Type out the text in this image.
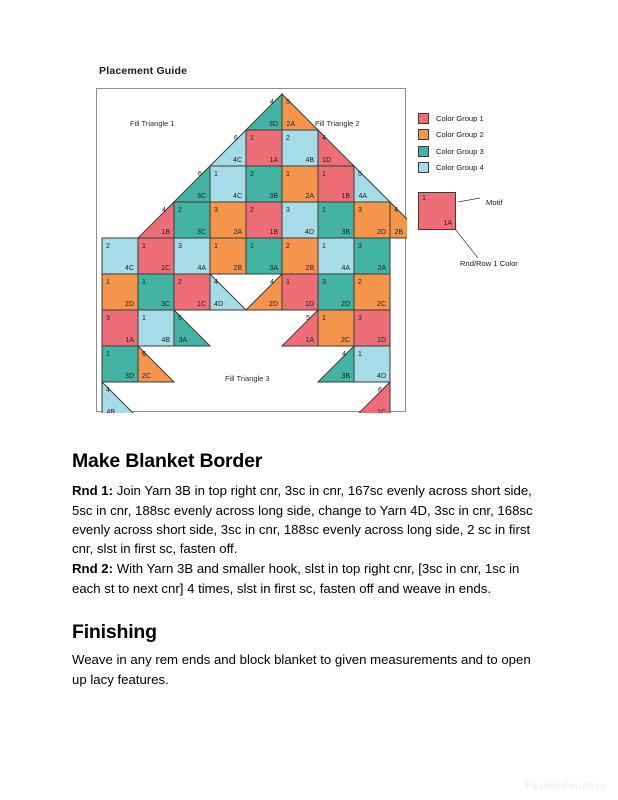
Placement Guide
4
3D
5
2A
6
4C
1
1A
2
4B
4
1D
6
3C
1
4C
2
3B
1
2A
1
1B
5
4A
4
1B
2
3C
3
2A
2
1B
3
4D
1
3B
3
2D
4
2B
2
4C
1
1C
3
4A
1
2B
1
3A
2
2B
1
4A
3
2A
1
2D
1
3C
2
1C
4
4D
4
2D
1
1D
3
2D
2
2C
3
1A
1
4B
5
3A
5
1A
1
2C
3
1D
1
3D
6
2C
4
3B
1
4D
4
4B
6
1C
Fill Triangle 1	Fill Triangle 2
Fill Triangle 3
Color Group 1
Color Group 2
Color Group 3
Color Group 4
1
1A
Motif
Rnd/Row 1 Color
Make Blanket Border

Rnd 1: Join Yarn 3B in top right cnr, 3sc in cnr, 167sc evenly across short side, 5sc in cnr, 188sc evenly across long side, change to Yarn 4D, 3sc in cnr, 168sc evenly across short side, 3sc in cnr, 188sc evenly across long side, 2 sc in first cnr, slst in first sc, fasten off.

Rnd 2: With Yarn 3B and smaller hook, slst in top right cnr, [3sc in cnr, 1sc in each st to next cnr] 4 times, slst in first sc, fasten off and weave in ends.

Finishing

Weave in any rem ends and block blanket to given measurements and to open up lacy features.

PassionForum.ru
